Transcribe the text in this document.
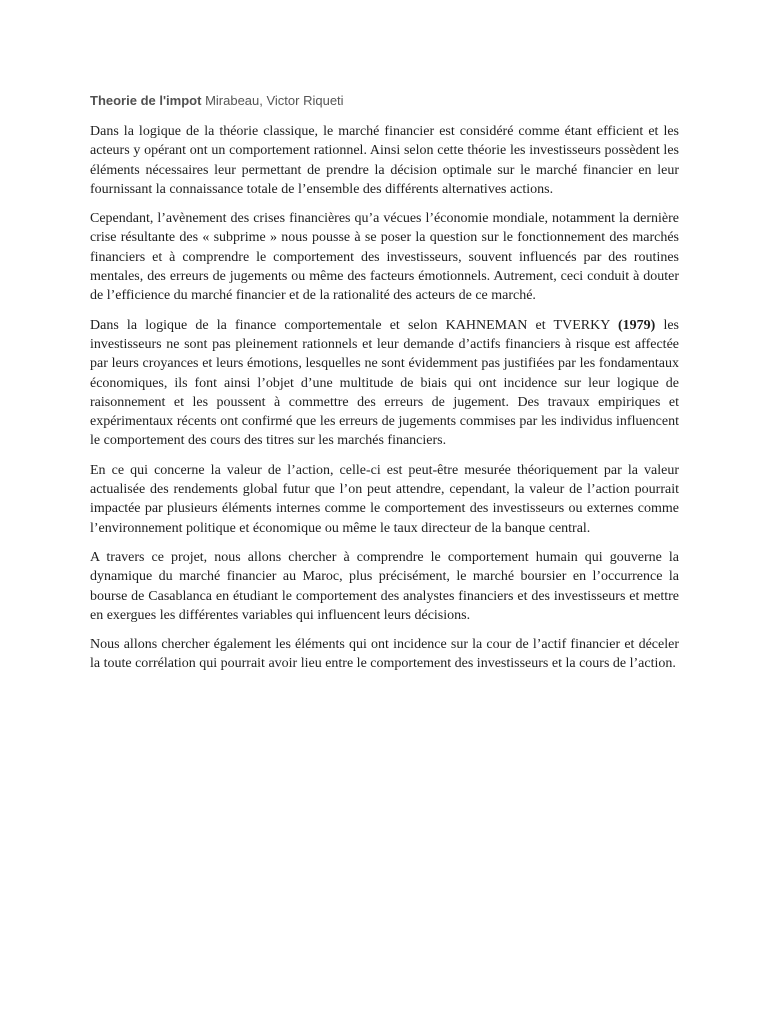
Theorie de l'impot Mirabeau, Victor Riqueti

Dans la logique de la théorie classique, le marché financier est considéré comme étant efficient et les acteurs y opérant ont un comportement rationnel. Ainsi selon cette théorie les investisseurs possèdent les éléments nécessaires leur permettant de prendre la décision optimale sur le marché financier en leur fournissant la connaissance totale de l’ensemble des différents alternatives actions.

Cependant, l’avènement des crises financières qu’a vécues l’économie mondiale, notamment la dernière crise résultante des « subprime » nous pousse à se poser la question sur le fonctionnement des marchés financiers et à comprendre le comportement des investisseurs, souvent influencés par des routines mentales, des erreurs de jugements ou même des facteurs émotionnels. Autrement, ceci conduit à douter de l’efficience du marché financier et de la rationalité des acteurs de ce marché.

Dans la logique de la finance comportementale et selon KAHNEMAN et TVERKY (1979) les investisseurs ne sont pas pleinement rationnels et leur demande d’actifs financiers à risque est affectée par leurs croyances et leurs émotions, lesquelles ne sont évidemment pas justifiées par les fondamentaux économiques, ils font ainsi l’objet d’une multitude de biais qui ont incidence sur leur logique de raisonnement et les poussent à commettre des erreurs de jugement. Des travaux empiriques et expérimentaux récents ont confirmé que les erreurs de jugements commises par les individus influencent le comportement des cours des titres sur les marchés financiers.

En ce qui concerne la valeur de l’action, celle-ci est peut-être mesurée théoriquement par la valeur actualisée des rendements global futur que l’on peut attendre, cependant, la valeur de l’action pourrait impactée par plusieurs éléments internes comme le comportement des investisseurs ou externes comme l’environnement politique et économique ou même le taux directeur de la banque central.

A travers ce projet, nous allons chercher à comprendre le comportement humain qui gouverne la dynamique du marché financier au Maroc, plus précisément, le marché boursier en l’occurrence la bourse de Casablanca en étudiant le comportement des analystes financiers et des investisseurs et mettre en exergues les différentes variables qui influencent leurs décisions.

Nous allons chercher également les éléments qui ont incidence sur la cour de l’actif financier et déceler la toute corrélation qui pourrait avoir lieu entre le comportement des investisseurs et la cours de l’action.
